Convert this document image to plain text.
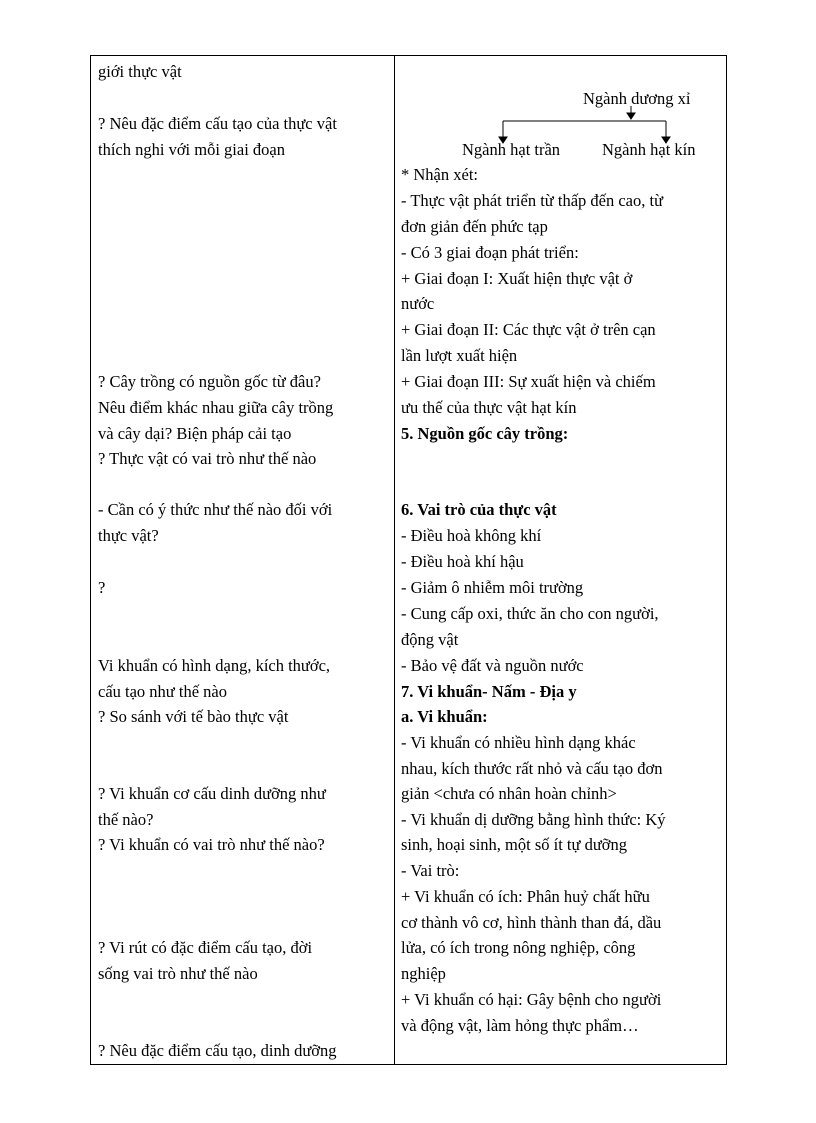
giới thực vật
? Nêu đặc điểm cấu tạo của thực vật
thích nghi với mỗi giai đoạn
? Cây trồng có nguồn gốc từ đâu?
Nêu điểm khác nhau giữa cây trồng
và cây dại? Biện pháp cải tạo
? Thực vật có vai trò như thế nào
- Cần có ý thức như thế nào đối với
thực vật?
?
Vi khuẩn có hình dạng, kích thước,
cấu tạo như thế nào
? So sánh với tế bào thực vật
? Vi khuẩn cơ cấu dinh dưỡng như
thế nào?
? Vi khuẩn có vai trò như thế nào?
? Vi rút có đặc điểm cấu tạo, đời
sống vai trò như thế nào
? Nêu đặc điểm cấu tạo, dinh dưỡng
Ngành dương xỉ
Ngành hạt trần	Ngành hạt kín
* Nhận xét:
- Thực vật phát triển từ thấp đến cao, từ
đơn giản đến phức tạp
- Có 3 giai đoạn phát triển:
+ Giai đoạn I: Xuất hiện thực vật ở
nước
+ Giai đoạn II: Các thực vật ở trên cạn
lần lượt xuất hiện
+ Giai đoạn III: Sự xuất hiện và chiếm
ưu thế của thực vật hạt kín
5. Nguồn gốc cây trồng:
6. Vai trò của thực vật
- Điều hoà không khí
- Điều hoà khí hậu
- Giảm ô nhiễm môi trường
- Cung cấp oxi, thức ăn cho con người,
động vật
- Bảo vệ đất và nguồn nước
7. Vi khuẩn- Nấm - Địa y
a. Vi khuẩn:
- Vi khuẩn có nhiều hình dạng khác
nhau, kích thước rất nhỏ và cấu tạo đơn
giản <chưa có nhân hoàn chỉnh>
- Vi khuẩn dị dưỡng bằng hình thức: Ký
sinh, hoại sinh, một số ít tự dưỡng
- Vai trò:
+ Vi khuẩn có ích: Phân huỷ chất hữu
cơ thành vô cơ, hình thành than đá, dầu
lửa, có ích trong nông nghiệp, công
nghiệp
+ Vi khuẩn có hại: Gây bệnh cho người
và động vật, làm hỏng thực phẩm…
